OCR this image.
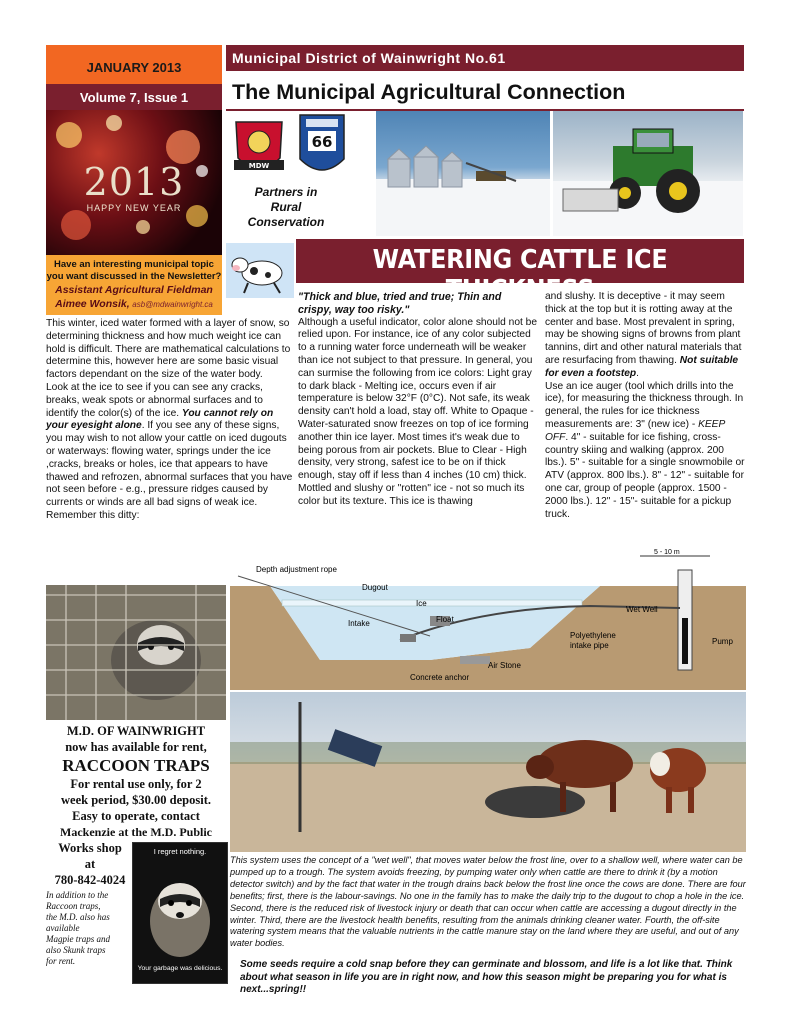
JANUARY 2013
Volume 7, Issue 1
2013
HAPPY NEW YEAR
Have an interesting municipal topic
you want discussed in the Newsletter?
Assistant Agricultural Fieldman
Aimee Wonsik, asb@mdwainwright.ca
Municipal District of Wainwright No.61
The Municipal Agricultural Connection
MDW
66
Partners in
Rural
Conservation
WATERING CATTLE ICE THICKNESS

This winter, iced water formed with a layer of snow, so determining thickness and how much weight ice can hold is difficult. There are mathematical calculations to determine this, however here are some basic visual factors dependant on the size of the water body.

Look at the ice to see if you can see any cracks, breaks, weak spots or abnormal surfaces and to identify the color(s) of the ice. You cannot rely on your eyesight alone. If you see any of these signs, you may wish to not allow your cattle on iced dugouts or waterways: flowing water, springs under the ice ,cracks, breaks or holes, ice that appears to have thawed and refrozen, abnormal surfaces that you have not seen before - e.g., pressure ridges caused by currents or winds are all bad signs of weak ice. Remember this ditty:

"Thick and blue, tried and true; Thin and crispy, way too risky."

Although a useful indicator, color alone should not be relied upon. For instance, ice of any color subjected to a running water force underneath will be weaker than ice not subject to that pressure. In general, you can surmise the following from ice colors: Light gray to dark black - Melting ice, occurs even if air temperature is below 32°F (0°C). Not safe, its weak density can't hold a load, stay off. White to Opaque - Water-saturated snow freezes on top of ice forming another thin ice layer. Most times it's weak due to being porous from air pockets. Blue to Clear - High density, very strong, safest ice to be on if thick enough, stay off if less than 4 inches (10 cm) thick. Mottled and slushy or "rotten" ice - not so much its color but its texture. This ice is thawing

and slushy. It is deceptive - it may seem thick at the top but it is rotting away at the center and base. Most prevalent in spring, may be showing signs of browns from plant tannins, dirt and other natural materials that are resurfacing from thawing. Not suitable for even a footstep.

Use an ice auger (tool which drills into the ice), for measuring the thickness through. In general, the rules for ice thickness measurements are: 3" (new ice) - KEEP OFF. 4" - suitable for ice fishing, cross-country skiing and walking (approx. 200 lbs.). 5" - suitable for a single snowmobile or ATV (approx. 800 lbs.). 8" - 12" - suitable for one car, group of people (approx. 1500 - 2000 lbs.). 12" - 15"- suitable for a pickup truck.

Depth adjustment rope
Dugout
Ice
Intake	Float
Air Stone
Concrete anchor
Polyethylene
intake pipe
Wet Well
Pump
5 - 10 m
M.D. OF WAINWRIGHT
now has available for rent,
RACCOON TRAPS
For rental use only, for 2
week period, $30.00 deposit.
Easy to operate, contact
Mackenzie at the M.D. Public
Works shop
at
780-842-4024
In addition to the
Raccoon traps,
the M.D. also has
available
Magpie traps and
also Skunk traps
for rent.
I regret nothing.
Your garbage was delicious.
This system uses the concept of a "wet well", that moves water below the frost line, over to a shallow well, where water can be pumped up to a trough. The system avoids freezing, by pumping water only when cattle are there to drink it (by a motion detector switch) and by the fact that water in the trough drains back below the frost line once the cows are done. There are four benefits; first, there is the labour-savings. No one in the family has to make the daily trip to the dugout to chop a hole in the ice. Second, there is the reduced risk of livestock injury or death that can occur when cattle are accessing a dugout directly in the winter. Third, there are the livestock health benefits, resulting from the animals drinking cleaner water. Fourth, the off-site watering system means that the valuable nutrients in the cattle manure stay on the land where they are useful, and out of any water bodies.
Some seeds require a cold snap before they can germinate and blossom, and life is a lot like that. Think about what season in life you are in right now, and how this season might be preparing you for what is next...spring!!
